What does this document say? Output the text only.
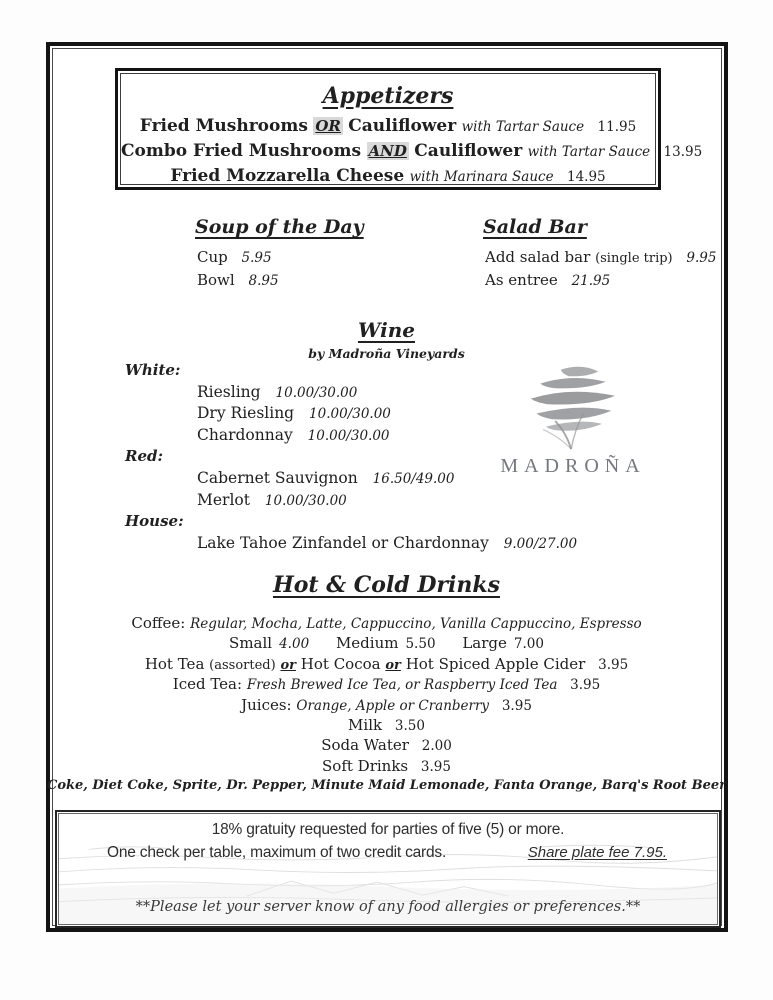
Appetizers
Fried Mushrooms OR Cauliflower with Tartar Sauce 11.95
Combo Fried Mushrooms AND Cauliflower with Tartar Sauce 13.95
Fried Mozzarella Cheese with Marinara Sauce 14.95
Soup of the Day
Cup 5.95
Bowl 8.95
Salad Bar
Add salad bar (single trip) 9.95
As entree 21.95
Wine
by Madroña Vineyards
White:
Riesling 10.00/30.00
Dry Riesling 10.00/30.00
Chardonnay 10.00/30.00
Red:
Cabernet Sauvignon 16.50/49.00
Merlot 10.00/30.00
House:
Lake Tahoe Zinfandel or Chardonnay 9.00/27.00
MADROÑA
Hot & Cold Drinks
Coffee: Regular, Mocha, Latte, Cappuccino, Vanilla Cappuccino, Espresso
Small 4.00 Medium 5.50 Large 7.00
Hot Tea (assorted) or Hot Cocoa or Hot Spiced Apple Cider 3.95
Iced Tea: Fresh Brewed Ice Tea, or Raspberry Iced Tea 3.95
Juices: Orange, Apple or Cranberry 3.95
Milk 3.50
Soda Water 2.00
Soft Drinks 3.95
Coke, Diet Coke, Sprite, Dr. Pepper, Minute Maid Lemonade, Fanta Orange, Barq's Root Beer
18% gratuity requested for parties of five (5) or more.
One check per table, maximum of two credit cards.	Share plate fee 7.95.
**Please let your server know of any food allergies or preferences.**
